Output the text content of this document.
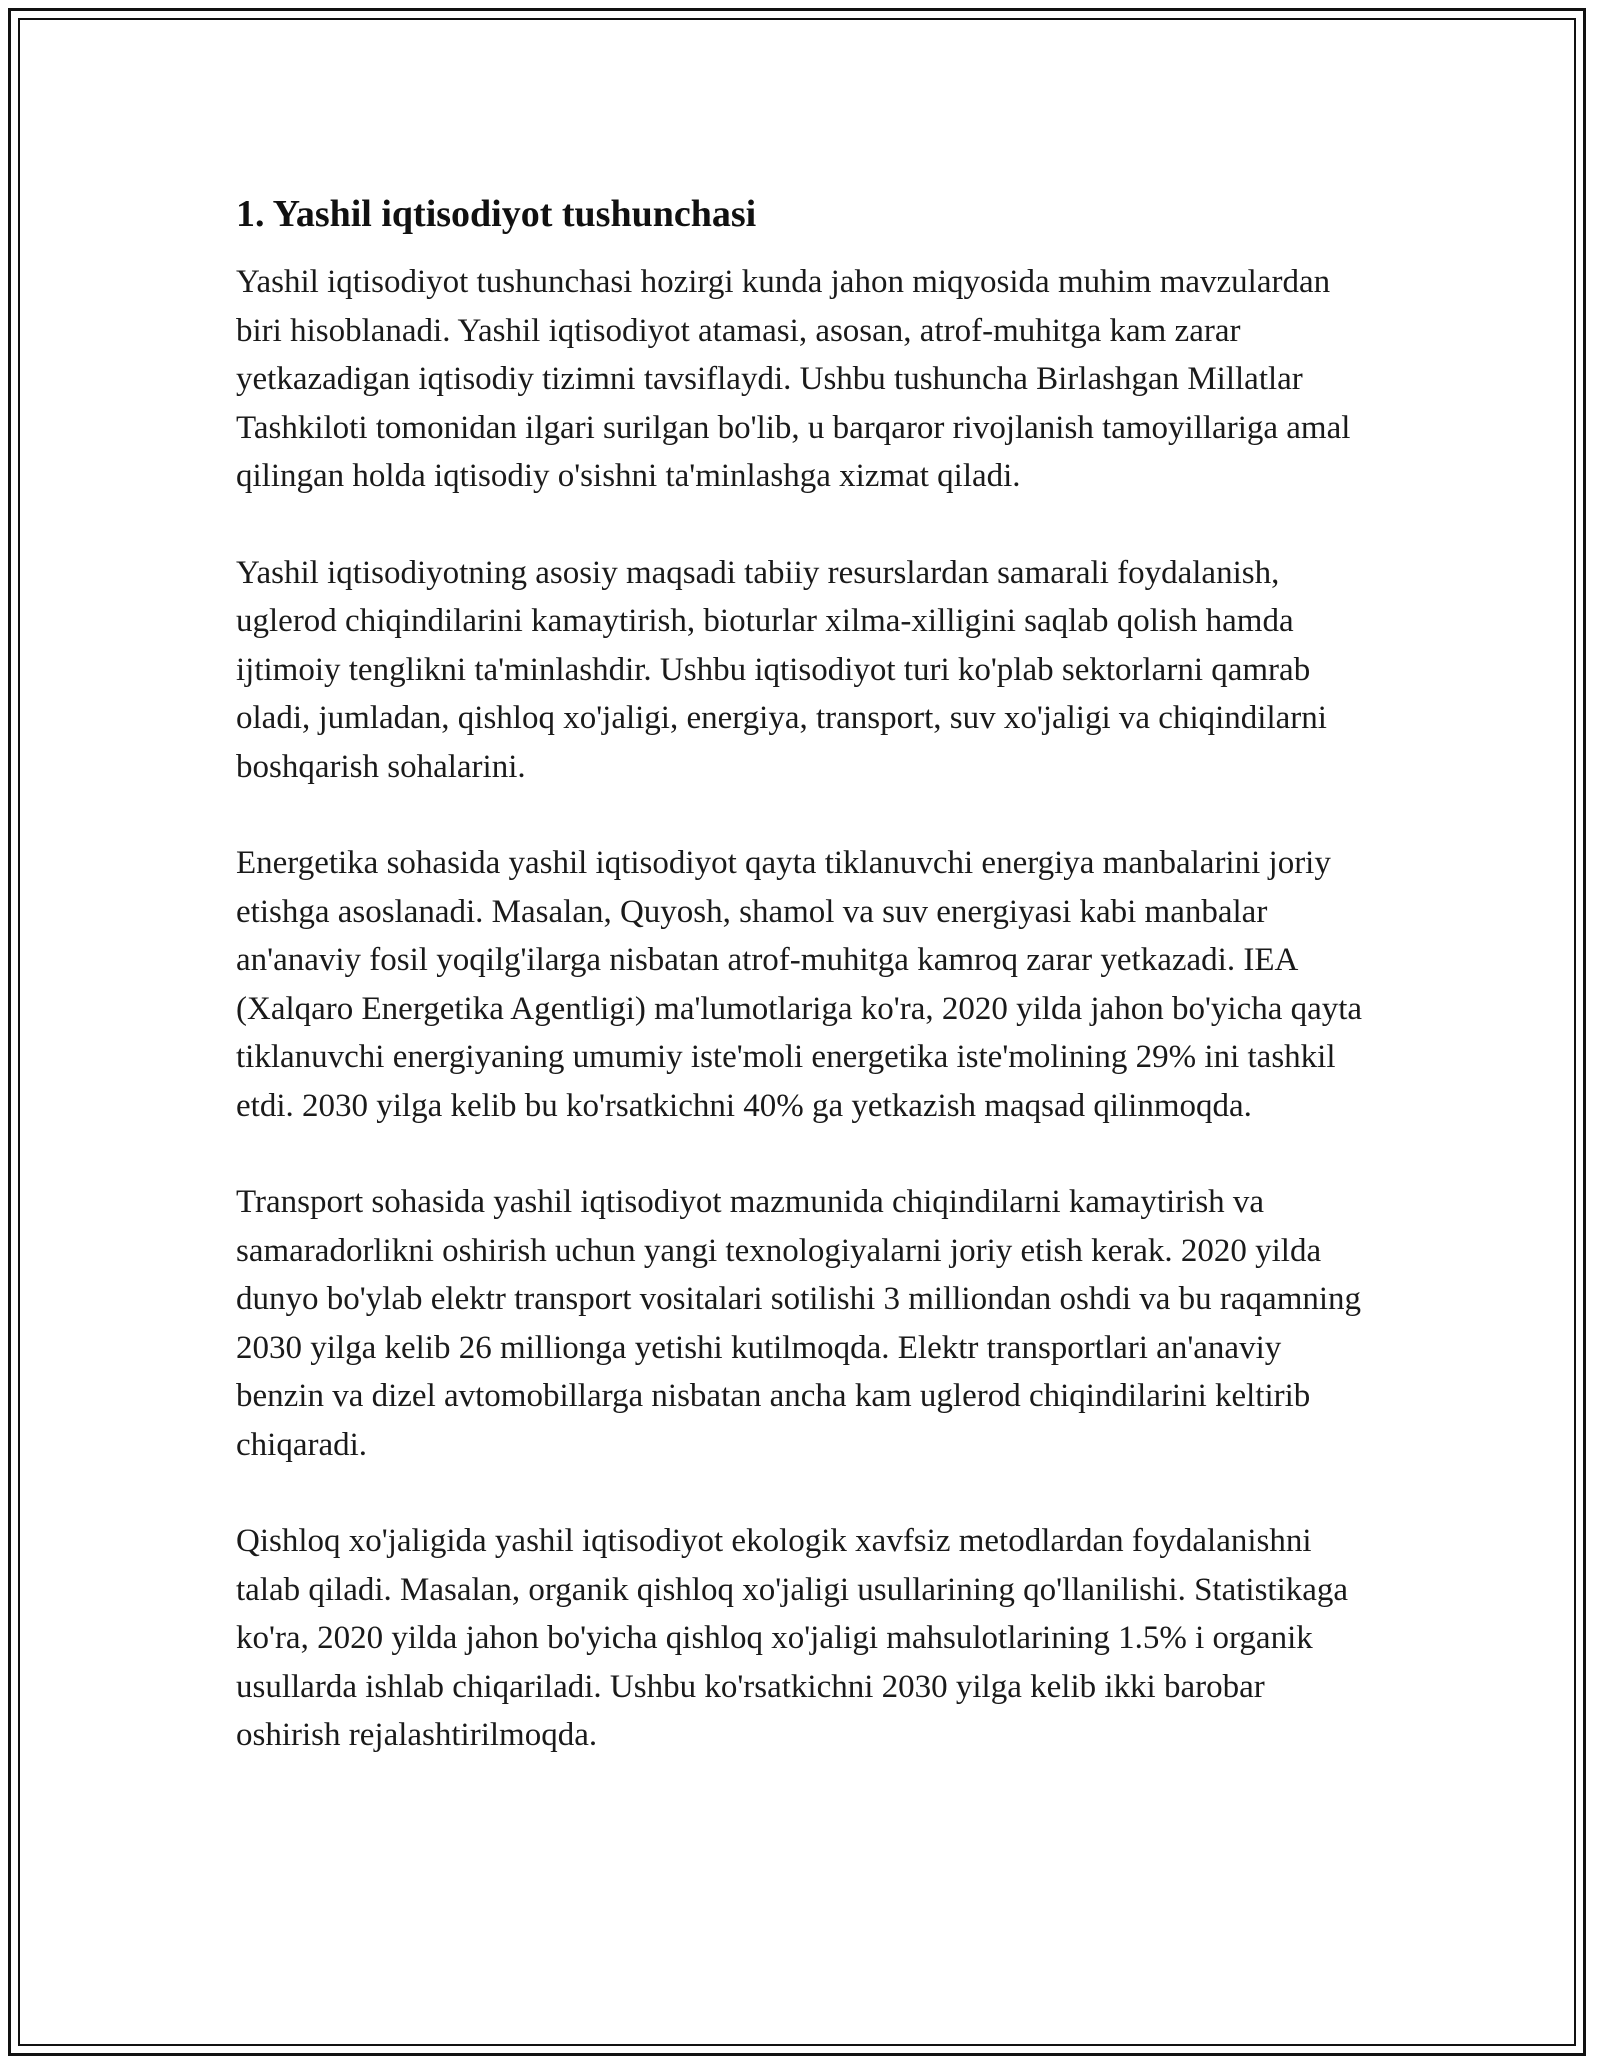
1. Yashil iqtisodiyot tushunchasi

Yashil iqtisodiyot tushunchasi hozirgi kunda jahon miqyosida muhim mavzulardan biri hisoblanadi. Yashil iqtisodiyot atamasi, asosan, atrof-muhitga kam zarar yetkazadigan iqtisodiy tizimni tavsiflaydi. Ushbu tushuncha Birlashgan Millatlar Tashkiloti tomonidan ilgari surilgan bo'lib, u barqaror rivojlanish tamoyillariga amal qilingan holda iqtisodiy o'sishni ta'minlashga xizmat qiladi.

Yashil iqtisodiyotning asosiy maqsadi tabiiy resurslardan samarali foydalanish, uglerod chiqindilarini kamaytirish, bioturlar xilma-xilligini saqlab qolish hamda ijtimoiy tenglikni ta'minlashdir. Ushbu iqtisodiyot turi ko'plab sektorlarni qamrab oladi, jumladan, qishloq xo'jaligi, energiya, transport, suv xo'jaligi va chiqindilarni boshqarish sohalarini.

Energetika sohasida yashil iqtisodiyot qayta tiklanuvchi energiya manbalarini joriy etishga asoslanadi. Masalan, Quyosh, shamol va suv energiyasi kabi manbalar an'anaviy fosil yoqilg'ilarga nisbatan atrof-muhitga kamroq zarar yetkazadi. IEA (Xalqaro Energetika Agentligi) ma'lumotlariga ko'ra, 2020 yilda jahon bo'yicha qayta tiklanuvchi energiyaning umumiy iste'moli energetika iste'molining 29% ini tashkil etdi. 2030 yilga kelib bu ko'rsatkichni 40% ga yetkazish maqsad qilinmoqda.

Transport sohasida yashil iqtisodiyot mazmunida chiqindilarni kamaytirish va samaradorlikni oshirish uchun yangi texnologiyalarni joriy etish kerak. 2020 yilda dunyo bo'ylab elektr transport vositalari sotilishi 3 milliondan oshdi va bu raqamning 2030 yilga kelib 26 millionga yetishi kutilmoqda. Elektr transportlari an'anaviy benzin va dizel avtomobillarga nisbatan ancha kam uglerod chiqindilarini keltirib chiqaradi.

Qishloq xo'jaligida yashil iqtisodiyot ekologik xavfsiz metodlardan foydalanishni talab qiladi. Masalan, organik qishloq xo'jaligi usullarining qo'llanilishi. Statistikaga ko'ra, 2020 yilda jahon bo'yicha qishloq xo'jaligi mahsulotlarining 1.5% i organik usullarda ishlab chiqariladi. Ushbu ko'rsatkichni 2030 yilga kelib ikki barobar oshirish rejalashtirilmoqda.
